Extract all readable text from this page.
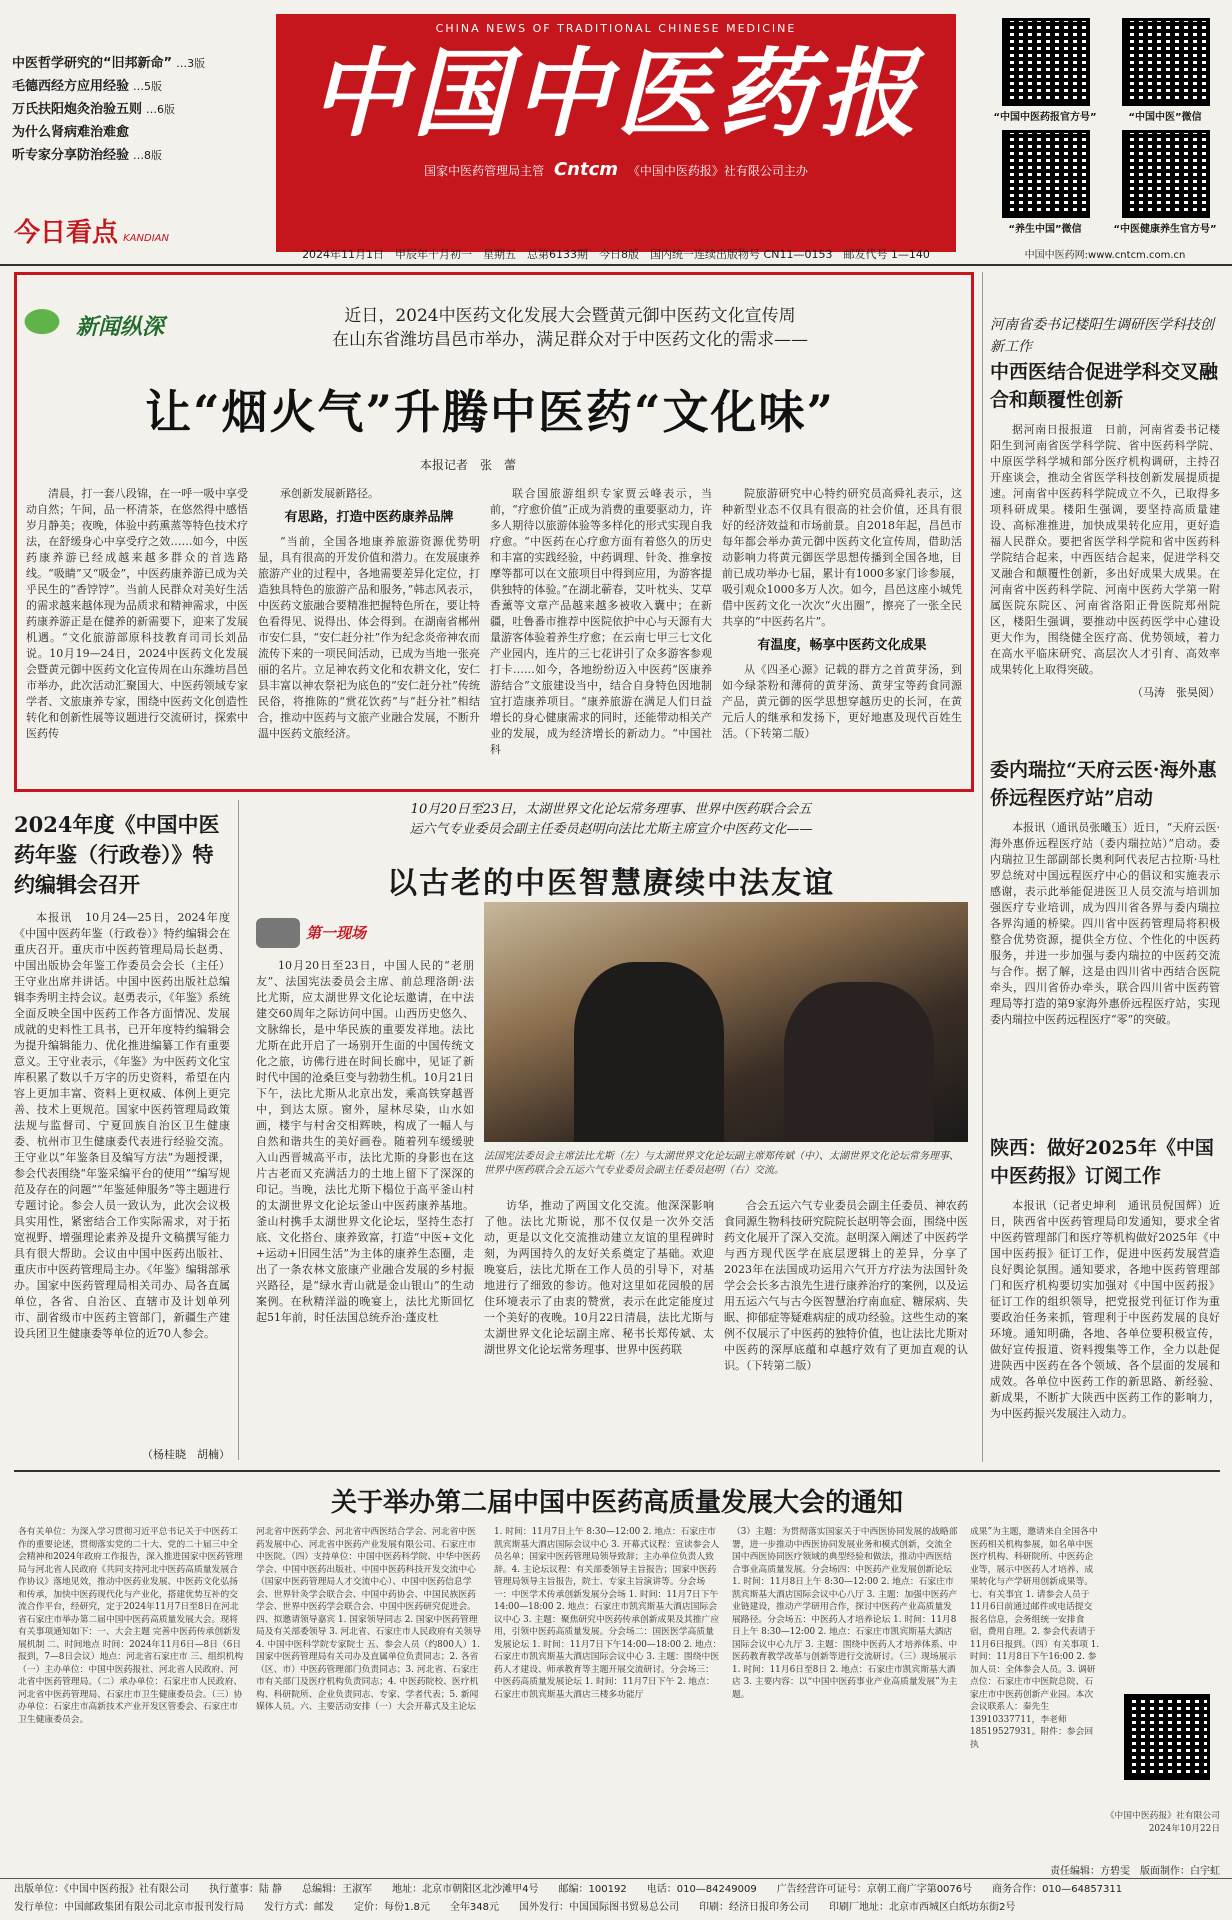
中医哲学研究的“旧邦新命” …3版
毛德西经方应用经验 …5版
万氏扶阳炮灸治验五则 …6版
为什么肾病难治难愈
听专家分享防治经验 …8版
CHINA NEWS OF TRADITIONAL CHINESE MEDICINE
中国中医药报
国家中医药管理局主管 Cntcm 《中国中医药报》社有限公司主办
“中国中医药报官方号”	“中国中医”微信
“养生中国”微信	“中医健康养生官方号”
今日看点 KANDIAN
2024年11月1日　甲辰年十月初一　星期五　总第6133期　今日8版　国内统一连续出版物号 CN11—0153　邮发代号 1—140	中国中医药网:www.cntcm.com.cn
新闻纵深	近日，2024中医药文化发展大会暨黄元御中医药文化宣传周
在山东省潍坊昌邑市举办，满足群众对于中医药文化的需求——
让“烟火气”升腾中医药“文化味”
本报记者　张　蕾

清晨，打一套八段锦，在一呼一吸中享受动自然；午间，品一杯清茶，在悠然得中感悟岁月静美；夜晚，体验中药熏蒸等特色技术疗法，在舒缓身心中享受疗之效……如今，中医药康养游已经成越来越多群众的首选路线。“吸睛”又“吸金”，中医药康养游已成为关乎民生的“香饽饽”。当前人民群众对美好生活的需求越来越体现为品质求和精神需求，中医药康养游正是在健养的新需要下，迎来了发展机遇。“文化旅游部原科技教育司司长刘品说。10月19—24日，2024中医药文化发展会暨黄元御中医药文化宣传周在山东潍坊昌邑市举办，此次活动汇聚国大、中医药领域专家学者、文旅康养专家，围绕中医药文化创造性转化和创新性展等议题进行交流研讨，探索中医药传

承创新发展新路径。

有思路，打造中医药康养品牌

“当前，全国各地康养旅游资源优势明显，具有很高的开发价值和潜力。在发展康养旅游产业的过程中，各地需要差异化定位，打造独具特色的旅游产品和服务，”韩志风表示，中医药文旅融合要精准把握特色所在，要让特色看得见、说得出、体会得到。在湖南省郴州市安仁县，“安仁赶分社”作为纪念炎帝神农而流传下来的一项民间活动，已成为当地一张亮丽的名片。立足神农药文化和农耕文化，安仁县丰富以神农祭祀为底色的“安仁赶分社”传统民俗，将推陈的“赏花饮药”与“赶分社”相结合，推动中医药与文旅产业融合发展，不断升温中医药文旅经济。

联合国旅游组织专家贾云峰表示，当前，“疗愈价值”正成为消费的重要驱动力，许多人期待以旅游体验等多样化的形式实现自我疗愈。“中医药在心疗愈方面有着悠久的历史和丰富的实践经验，中药调理、针灸、推拿按摩等都可以在文旅项目中得到应用，为游客提供独特的体验。”在湖北蕲春，艾叶枕头、艾草香薰等文章产品越来越多被收入囊中；在新疆，吐鲁番市推荐中医院依护中心与天源有大量游客体验着养生疗愈；在云南七甲三七文化产业园内，连片的三七花讲引了众多游客参观打卡……如今，各地纷纷迈入中医药“医康养游结合”文旅建设当中，结合自身特色因地制宜打造康养项目。“康养旅游在满足人们日益增长的身心健康需求的同时，还能带动相关产业的发展，成为经济增长的新动力。“中国社科

院旅游研究中心特约研究员高舜礼表示，这种新型业态不仅具有很高的社会价值，还具有很好的经济效益和市场前景。自2018年起，昌邑市每年都会举办黄元御中医药文化宣传周，借助活动影响力将黄元御医学思想传播到全国各地，目前已成功举办七届，累计有1000多家门诊参展，吸引观众1000多万人次。如今，昌邑这座小城凭借中医药文化一次次“火出圈”，擦亮了一张全民共享的“中医药名片”。

有温度，畅享中医药文化成果

从《四圣心源》记载的群方之首黄芽汤，到如今绿茶粉和薄荷的黄芽汤、黄芽宝等药食同源产品，黄元御的医学思想穿越历史的长河，在黄元后人的继承和发扬下，更好地惠及现代百姓生活。（下转第二版）

河南省委书记楼阳生调研医学科技创新工作
中西医结合促进学科交叉融合和颠覆性创新

据河南日报报道　日前，河南省委书记楼阳生到河南省医学科学院、省中医药科学院、中原医学科学城和部分医疗机构调研，主持召开座谈会，推动全省医学科技创新发展提质提速。河南省中医药科学院成立不久，已取得多项科研成果。楼阳生强调，要坚持高质量建设、高标准推进，加快成果转化应用，更好造福人民群众。要把省医学科学院和省中医药科学院结合起来，中西医结合起来，促进学科交叉融合和颠覆性创新，多出好成果大成果。在河南省中医药科学院、河南中医药大学第一附属医院东院区、河南省洛阳正骨医院郑州院区，楼阳生强调，要推动中医药医学中心建设更大作为，围绕健全医疗高、优势领域，着力在高水平临床研究、高层次人才引育、高效率成果转化上取得突破。

（马涛　张昊阅）
委内瑞拉“天府云医·海外惠侨远程医疗站”启动

本报讯（通讯员张曦玉）近日，“天府云医·海外惠侨远程医疗站（委内瑞拉站）”启动。委内瑞拉卫生部副部长奥利阿代表尼古拉斯·马杜罗总统对中国远程医疗中心的倡议和实施表示感谢，表示此举能促进医卫人员交流与培训加强医疗专业培训，成为四川省各界与委内瑞拉各界沟通的桥梁。四川省中医药管理局将积极整合优势资源，提供全方位、个性化的中医药服务，并进一步加强与委内瑞拉的中医药交流与合作。据了解，这是由四川省中西结合医院牵头，四川省侨办牵头，联合四川省中医药管理局等打造的第9家海外惠侨远程医疗站，实现委内瑞拉中医药远程医疗“零”的突破。

陕西：做好2025年《中国中医药报》订阅工作

本报讯（记者史坤利　通讯员倪国辉）近日，陕西省中医药管理局印发通知，要求全省中医药管理部门和医疗等机构做好2025年《中国中医药报》征订工作，促进中医药发展营造良好舆论氛围。通知要求，各地中医药管理部门和医疗机构要切实加强对《中国中医药报》征订工作的组织领导，把党报党刊征订作为重要政治任务来抓，管理利于中医药发展的良好环境。通知明确，各地、各单位要积极宣传，做好宣传报道、资料搜集等工作，全力以赴促进陕西中医药在各个领域、各个层面的发展和成效。各单位中医药工作的新思路、新经验、新成果，不断扩大陕西中医药工作的影响力，为中医药振兴发展注入动力。

2024年度《中国中医药年鉴（行政卷）》特约编辑会召开

本报讯　10月24—25日，2024年度《中国中医药年鉴（行政卷）》特约编辑会在重庆召开。重庆市中医药管理局局长赵勇、中国出版协会年鉴工作委员会会长（主任）王守业出席并讲话。中国中医药出版社总编辑李秀明主持会议。赵勇表示，《年鉴》系统全面反映全国中医药工作各方面情况、发展成就的史料性工具书，已开年度特约编辑会为提升编辑能力、优化推进编纂工作有重要意义。王守业表示，《年鉴》为中医药文化宝库积累了数以千万字的历史资料，希望在内容上更加丰富、资料上更权威、体例上更完善、技术上更规范。国家中医药管理局政策法规与监督司、宁夏回族自治区卫生健康委、杭州市卫生健康委代表进行经验交流。王守业以“年鉴条目及编写方法”为题授课，参会代表围绕“年鉴采编平台的使用”“编写规范及存在的问题”“年鉴延伸服务”等主题进行专题讨论。参会人员一致认为，此次会议极具实用性，紧密结合工作实际需求，对于拓宽视野、增强理论素养及提升文稿撰写能力具有很大帮助。会议由中国中医药出版社、重庆市中医药管理局主办。《年鉴》编辑部承办。国家中医药管理局相关司办、局各直属单位，各省、自治区、直辖市及计划单列市、副省级市中医药主管部门，新疆生产建设兵团卫生健康委等单位的近70人参会。

（杨桂晓　胡楠）
10月20日至23日，太湖世界文化论坛常务理事、世界中医药联合会五
运六气专业委员会副主任委员赵明向法比尤斯主席宣介中医药文化——
以古老的中医智慧赓续中法友谊
第一现场
法国宪法委员会主席法比尤斯（左）与太湖世界文化论坛副主席郑传斌（中）、太湖世界文化论坛常务理事、世界中医药联合会五运六气专业委员会副主任委员赵明（右）交流。

10月20日至23日，中国人民的“老朋友”、法国宪法委员会主席、前总理洛朗·法比尤斯，应太湖世界文化论坛邀请，在中法建交60周年之际访问中国。山西历史悠久、文脉绵长，是中华民族的重要发祥地。法比尤斯在此开启了一场别开生面的中国传统文化之旅，访佛行进在时间长廊中，见证了新时代中国的沧桑巨变与勃勃生机。10月21日下午，法比尤斯从北京出发，乘高铁穿越晋中，到达太原。窗外，屋林尽染，山水如画，楼宇与村舍交相辉映，构成了一幅人与自然和谐共生的美好画卷。随着列车缓缓驶入山西晋城高平市，法比尤斯的身影也在这片古老而又充满活力的土地上留下了深深的印记。当晚，法比尤斯下榻位于高平釜山村的太湖世界文化论坛釜山中医药康养基地。釜山村携手太湖世界文化论坛，坚持生态打底、文化搭台、康养致富，打造“中医+文化+运动+旧园生活”为主体的康养生态圈，走出了一条农林文旅康产业融合发展的乡村振兴路径，是“绿水青山就是金山银山”的生动案例。在秋精洋溢的晚宴上，法比尤斯回忆起51年前，时任法国总统乔治·蓬皮杜

访华，推动了两国文化交流。他深深影响了他。法比尤斯说，那不仅仅是一次外交活动，更是以文化交流推动建立友谊的里程碑时刻，为两国持久的友好关系奠定了基础。欢迎晚宴后，法比尤斯在工作人员的引导下，对基地进行了细致的参访。他对这里如花园般的居住环境表示了由衷的赞赏，表示在此定能度过一个美好的夜晚。10月22日清晨，法比尤斯与太湖世界文化论坛副主席、秘书长郑传斌、太湖世界文化论坛常务理事、世界中医药联

合会五运六气专业委员会副主任委员、神农药食同源生物科技研究院院长赵明等会面，围绕中医药文化展开了深入交流。赵明深入阐述了中医药学与西方现代医学在底层逻辑上的差异，分享了2023年在法国成功运用六气开方疗法为法国针灸学会会长多古浪先生进行康养治疗的案例，以及运用五运六气与古今医智慧治疗南血症、糖尿病、失眠、抑郁症等疑难病症的成功经验。这些生动的案例不仅展示了中医药的独特价值，也让法比尤斯对中医药的深厚底蕴和卓越疗效有了更加直观的认识。（下转第二版）

关于举办第二届中国中医药高质量发展大会的通知

各有关单位：为深入学习贯彻习近平总书记关于中医药工作的重要论述，贯彻落实党的二十大、党的二十届三中全会精神和2024年政府工作报告，深入推进国家中医药管理局与河北省人民政府《共同支持河北中医药高质量发展合作协议》落地见效，推动中医药业发展、中医药文化弘扬和传承，加快中医药现代化与产业化，搭建优势互补的交流合作平台，经研究，定于2024年11月7日至8日在河北省石家庄市举办第二届中国中医药高质量发展大会。现将有关事项通知如下：一、大会主题 完善中医药传承创新发展机制 二、时间地点 时间：2024年11月6日—8日（6日报到，7—8日会议）地点：河北省石家庄市 三、组织机构（一）主办单位：中国中医药报社、河北省人民政府、河北省中医药管理局。（二）承办单位：石家庄市人民政府、河北省中医药管理局、石家庄市卫生健康委员会。（三）协办单位：石家庄市高新技术产业开发区管委会、石家庄市卫生健康委员会。

河北省中医药学会、河北省中西医结合学会、河北省中医药发展中心、河北省中医药产业发展有限公司、石家庄市中医院。（四）支持单位：中国中医药科学院、中华中医药学会、中国中医药出版社、中国中医药科技开发交流中心（国家中医药管理局人才交流中心）、中国中医药信息学会、世界针灸学会联合会、中国中药协会、中国民族医药学会、世界中医药学会联合会、中国中医药研究促进会。四、拟邀请领导嘉宾 1. 国家领导同志 2. 国家中医药管理局及有关部委领导 3. 河北省、石家庄市人民政府有关领导 4. 中国中医科学院专家院士 五、参会人员（约800人）1. 国家中医药管理局有关司办及直属单位负责同志；2. 各省（区、市）中医药管理部门负责同志；3. 河北省、石家庄市有关部门及医疗机构负责同志；4. 中医药院校、医疗机构、科研院所、企业负责同志、专家、学者代表；5. 新闻媒体人员。六、主要活动安排（一）大会开幕式及主论坛

1. 时间：11月7日上午 8:30—12:00 2. 地点：石家庄市凯宾斯基大酒店国际会议中心 3. 开幕式议程：宣读参会人员名单；国家中医药管理局领导致辞；主办单位负责人致辞。4. 主论坛议程：有关部委领导主旨报告；国家中医药管理局领导主旨报告，院士、专家主旨演讲等。分会场一：中医学术传承创新发展分会场 1. 时间：11月7日下午14:00—18:00 2. 地点：石家庄市凯宾斯基大酒店国际会议中心 3. 主题：聚焦研究中医药传承创新成果及其推广应用，引领中医药高质量发展。分会场二：国医医学高质量发展论坛 1. 时间：11月7日下午14:00—18:00 2. 地点：石家庄市凯宾斯基大酒店国际会议中心 3. 主题：围绕中医药人才建设、师承教育等主题开展交流研讨。分会场三：中医药高质量发展论坛 1. 时间：11月7日下午 2. 地点：石家庄市凯宾斯基大酒店三楼多功能厅

（3）主题：为贯彻落实国家关于中西医协同发展的战略部署，进一步推动中西医协同发展业务和模式创新，交流全国中西医协同医疗领域的典型经验和做法，推动中西医结合事业高质量发展。分会场四：中医药产业发展创新论坛 1. 时间：11月8日上午 8:30—12:00 2. 地点：石家庄市凯宾斯基大酒店国际会议中心八厅 3. 主题：加强中医药产业链建设，推动产学研用合作，探讨中医药产业高质量发展路径。分会场五：中医药人才培养论坛 1. 时间：11月8日上午 8:30—12:00 2. 地点：石家庄市凯宾斯基大酒店国际会议中心九厅 3. 主题：围绕中医药人才培养体系、中医药教育教学改革与创新等进行交流研讨。（三）现场展示 1. 时间：11月6日至8日 2. 地点：石家庄市凯宾斯基大酒店 3. 主要内容：以“中国中医药事业产业高质量发展”为主题。

成果”为主题，邀请来自全国各中医药相关机构参展，如名单中医医疗机构、科研院所、中医药企业等，展示中医药人才培养、成果转化与产学研用创新成果等。七、有关事宜 1. 请参会人员于11月6日前通过邮件或电话提交报名信息，会务组统一安排食宿，费用自理。2. 参会代表请于11月6日报到。（四）有关事项 1. 时间：11月8日下午16:00 2. 参加人员：全体参会人员。3. 调研点位：石家庄市中医院总院、石家庄市中医药创新产业园。本次会议联系人：秦先生 13910337711，李老师 18519527931。附件：参会回执

《中国中医药报》社有限公司
2024年10月22日
责任编辑：方碧雯　版面制作：白宇虹
出版单位：《中国中医药报》社有限公司　　执行董事：陆 静　　总编辑：王淑军　　地址：北京市朝阳区北沙滩甲4号　　邮编：100192　　电话：010—84249009　　广告经营许可证号：京朝工商广字第0076号　　商务合作：010—64857311
发行单位：中国邮政集团有限公司北京市报刊发行局　　发行方式：邮发　　定价：每份1.8元　　全年348元　　国外发行：中国国际图书贸易总公司　　印刷：经济日报印务公司　　印刷厂地址：北京市西城区白纸坊东街2号
